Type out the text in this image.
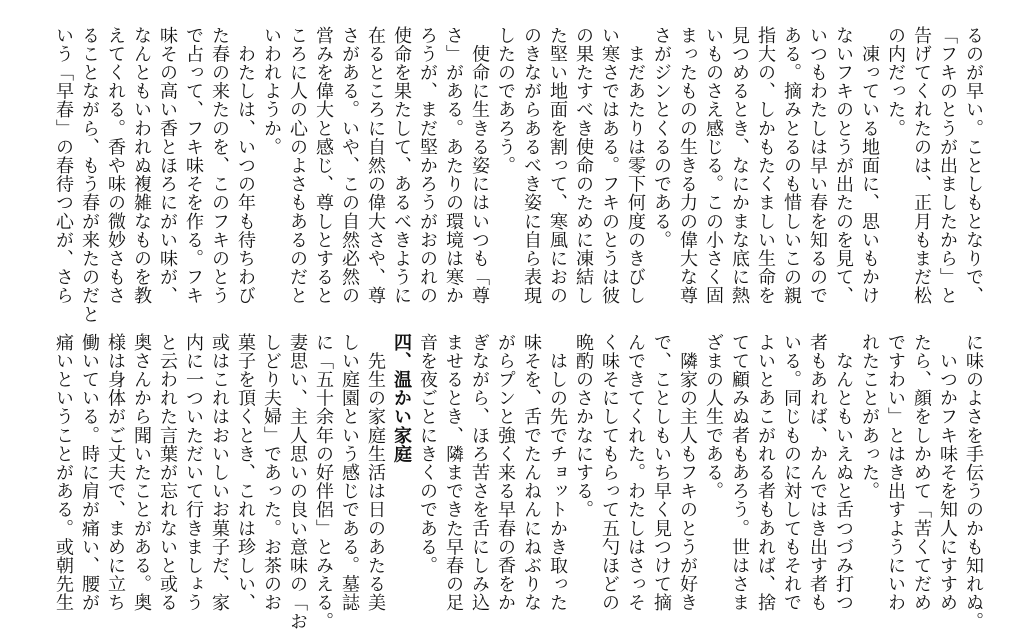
るのが早い。ことしもとなりで、
「フキのとうが出ましたから」と
告げてくれたのは、正月もまだ松
の内だった。
　凍っている地面に、思いもかけ
ないフキのとうが出たのを見て、
いつもわたしは早い春を知るので
ある。摘みとるのも惜しいこの親
指大の、しかもたくましい生命を
見つめるとき、なにかまな底に熱
いものさえ感じる。この小さく固
まったものの生きる力の偉大な尊
さがジンとくるのである。
　まだあたりは零下何度のきびし
い寒さではある。フキのとうは彼
の果たすべき使命のために凍結し
た堅い地面を割って、寒風におの
のきながらあるべき姿に自ら表現
したのであろう。
　使命に生きる姿にはいつも「尊
さ」がある。あたりの環境は寒か
ろうが、まだ堅かろうがおのれの
使命を果たして、あるべきように
在るところに自然の偉大さや、尊
さがある。いや、この自然必然の
営みを偉大と感じ、尊しとすると
ころに人の心のよさもあるのだと
いわれようか。
　わたしは、いつの年も待ちわび
た春の来たのを、このフキのとう
で占って、フキ味そを作る。フキ
味その高い香とほろにがい味が、
なんともいわれぬ複雑なものを教
えてくれる。香や味の微妙さもさ
ることながら、もう春が来たのだと
いう「早春」の春待つ心が、さら
に味のよさを手伝うのかも知れぬ。
　いつかフキ味そを知人にすすめ
たら、顔をしかめて「苦くてだめ
ですわい」とはき出すようにいわ
れたことがあった。
　なんともいえぬと舌つづみ打つ
者もあれば、かんではき出す者も
いる。同じものに対してもそれで
よいとあこがれる者もあれば、捨
てて顧みぬ者もあろう。世はさま
ざまの人生である。
　隣家の主人もフキのとうが好き
で、ことしもいち早く見つけて摘
んできてくれた。わたしはさっそ
く味そにしてもらって五勺ほどの
晩酌のさかなにする。
　はしの先でチョットかき取った
味そを、舌でたんねんにねぶりな
がらプンと強く来る早春の香をか
ぎながら、ほろ苦さを舌にしみ込
ませるとき、隣まできた早春の足
音を夜ごとにきくのである。
四、温かい家庭
　先生の家庭生活は日のあたる美
しい庭園という感じである。墓誌
に「五十余年の好伴侶」とみえる。
妻思い、主人思いの良い意味の「お
しどり夫婦」であった。お茶のお
菓子を頂くとき、これは珍しい、
或はこれはおいしいお菓子だ、家
内に一ついただいて行きましょう
と云われた言葉が忘れないと或る
奥さんから聞いたことがある。奥
様は身体がご丈夫で、まめに立ち
働いている。時に肩が痛い、腰が
痛いということがある。或朝先生
